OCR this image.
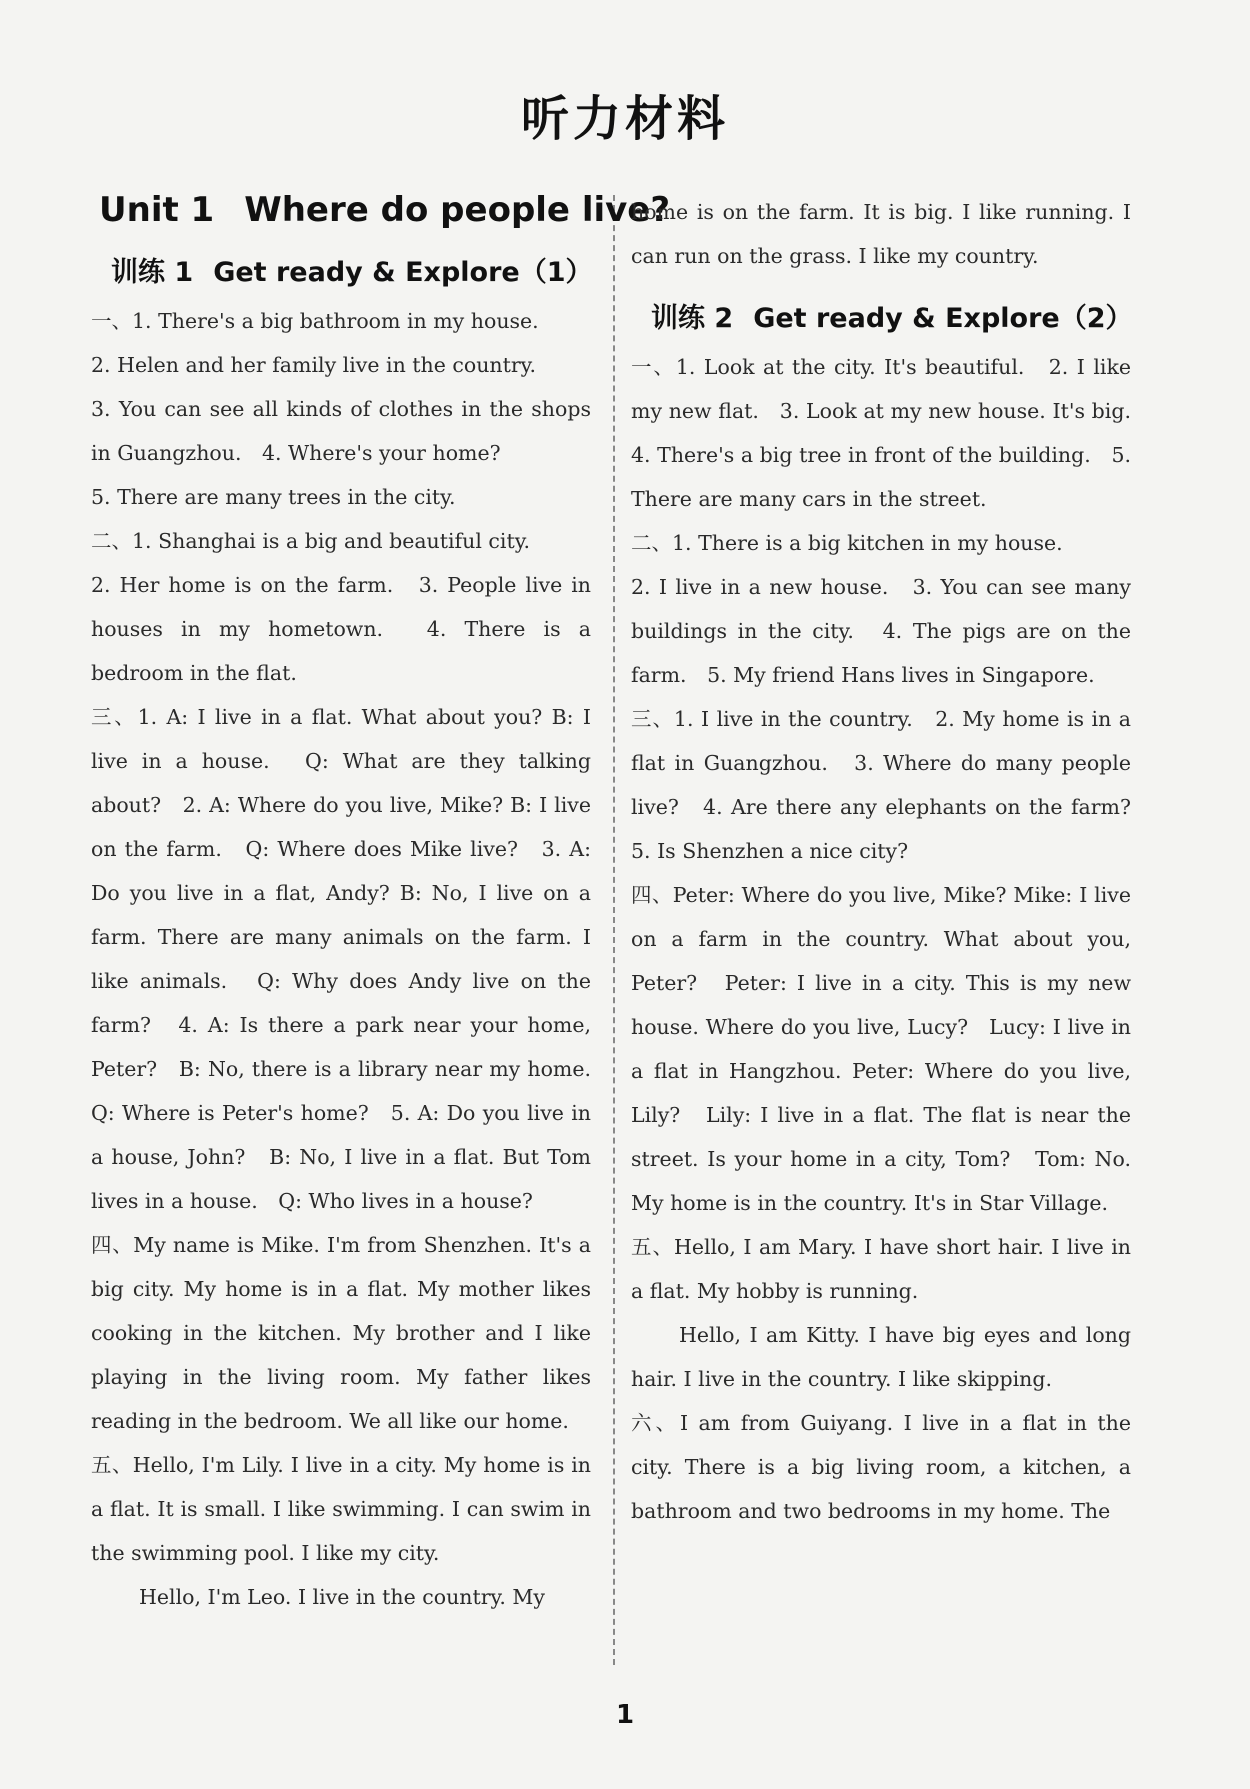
听力材料
Unit 1 Where do people live?
训练 1 Get ready & Explore（1）

一、1. There's a big bathroom in my house.

2. Helen and her family live in the country.

3. You can see all kinds of clothes in the shops in Guangzhou.　4. Where's your home?

5. There are many trees in the city.

二、1. Shanghai is a big and beautiful city.

2. Her home is on the farm.　3. People live in houses in my hometown.　4. There is a bedroom in the flat.

三、1. A: I live in a flat. What about you? B: I live in a house.　Q: What are they talking about?　2. A: Where do you live, Mike? B: I live on the farm.　Q: Where does Mike live?　3. A: Do you live in a flat, Andy? B: No, I live on a farm. There are many animals on the farm. I like animals.　Q: Why does Andy live on the farm?　4. A: Is there a park near your home, Peter?　B: No, there is a library near my home.　Q: Where is Peter's home?　5. A: Do you live in a house, John?　B: No, I live in a flat. But Tom lives in a house.　Q: Who lives in a house?

四、My name is Mike. I'm from Shenzhen. It's a big city. My home is in a flat. My mother likes cooking in the kitchen. My brother and I like playing in the living room. My father likes reading in the bedroom. We all like our home.

五、Hello, I'm Lily. I live in a city. My home is in a flat. It is small. I like swimming. I can swim in the swimming pool. I like my city.

Hello, I'm Leo. I live in the country. My

home is on the farm. It is big. I like running. I can run on the grass. I like my country.

训练 2 Get ready & Explore（2）

一、1. Look at the city. It's beautiful.　2. I like my new flat.　3. Look at my new house. It's big.　4. There's a big tree in front of the building.　5. There are many cars in the street.

二、1. There is a big kitchen in my house.

2. I live in a new house.　3. You can see many buildings in the city.　4. The pigs are on the farm.　5. My friend Hans lives in Singapore.

三、1. I live in the country.　2. My home is in a flat in Guangzhou.　3. Where do many people live?　4. Are there any elephants on the farm?　5. Is Shenzhen a nice city?

四、Peter: Where do you live, Mike? Mike: I live on a farm in the country. What about you, Peter?　Peter: I live in a city. This is my new house. Where do you live, Lucy?　Lucy: I live in a flat in Hangzhou. Peter: Where do you live, Lily?　Lily: I live in a flat. The flat is near the street. Is your home in a city, Tom?　Tom: No. My home is in the country. It's in Star Village.

五、Hello, I am Mary. I have short hair. I live in a flat. My hobby is running.

Hello, I am Kitty. I have big eyes and long hair. I live in the country. I like skipping.

六、I am from Guiyang. I live in a flat in the city. There is a big living room, a kitchen, a bathroom and two bedrooms in my home. The

1
